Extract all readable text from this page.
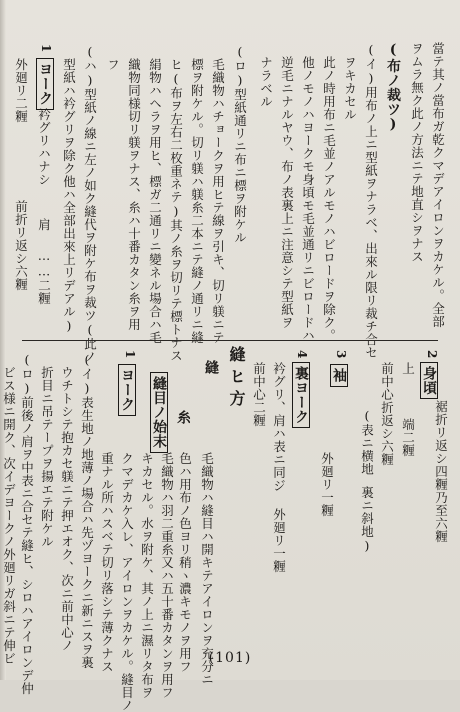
當テ其ノ當布ガ乾クマデアイロンヲカケル。全部
ヲムラ無ク此ノ方法ニテ地直シヲナス
(布ノ裁ツ)
(イ)用布ノ上ニ型紙ヲナラベ、出來ル限リ裁チ合セ
ヲキカセル
此ノ時用布ニ毛並ノアルモノハビロードヲ除ク。
他ノモノハヨークモ身頃モ毛並通リニビロードハ
逆毛ニナルヤウ、布ノ表裏上ニ注意シテ型紙ヲ
ナラベル
(ロ)型紙通リニ布ニ標ヲ附ケル
毛織物ハチョークヲ用ヒテ線ヲ引キ、切リ躾ニテ
標ヲ附ケル。切リ躾ハ躾糸二本ニテ縫ノ通リニ縫
ヒ(布ヲ左右二枚重ネテ)其ノ糸ヲ切リテ標トナス
絹物ハヘラヲ用ヒ、標ガ二通リニ變ネル場合ハ毛
織物同様切リ躾ヲナス、糸ハ十番カタン糸ヲ用
フ
(ハ)型紙ノ線ニ左ノ如ク縫代ヲ附ケ布ヲ裁ツ(此ノ
型紙ハ衿グリヲ除ク他ハ全部出來上リデアル)
1
ヨーク
衿グリハナシ
肩
……二糎
外廻リ二糎
前折リ返シ六糎
2
身頃
上
端二糎 裾折リ返シ四糎乃至六糎
前中心折返シ六糎
(表ニ横地
裏ニ斜地)
3
袖
外廻リ一糎
4
裏ヨーク
衿グリ、肩ハ表ニ同ジ
前中心二糎
外廻リ一糎
縫ヒ方
縫
糸
色ハ用布ノ色ヨリ稍ヽ濃キモノヲ用フ
毛織物ハ羽二重糸又ハ五十番カタンヲ用フ
縫目ノ始末
毛織物ハ縫目ハ開キテアイロンヲ充分ニ
キカセル。水ヲ附ケ、其ノ上ニ濕リタ布ヲ
クマデカケ入レ、アイロンヲカケル。縫目ノ
重ナル所ハスベテ切リ落シテ薄クナス
1
ヨーク
(イ)表生地ノ地薄ノ場合ハ先ヅヨークニ新ニスヲ裏
ウチトシテ抱カセ躾ニテ押エオク、次ニ前中心ノ
折目ニ吊テープヲ揚エテ附ケル
(ロ)前後ノ肩ヲ中表ニ合セテ縫ヒ、シロハアイロンデ仲
ビス様ニ開ク、次イデヨークノ外廻リガ斜ニテ伸ビ	(101)
